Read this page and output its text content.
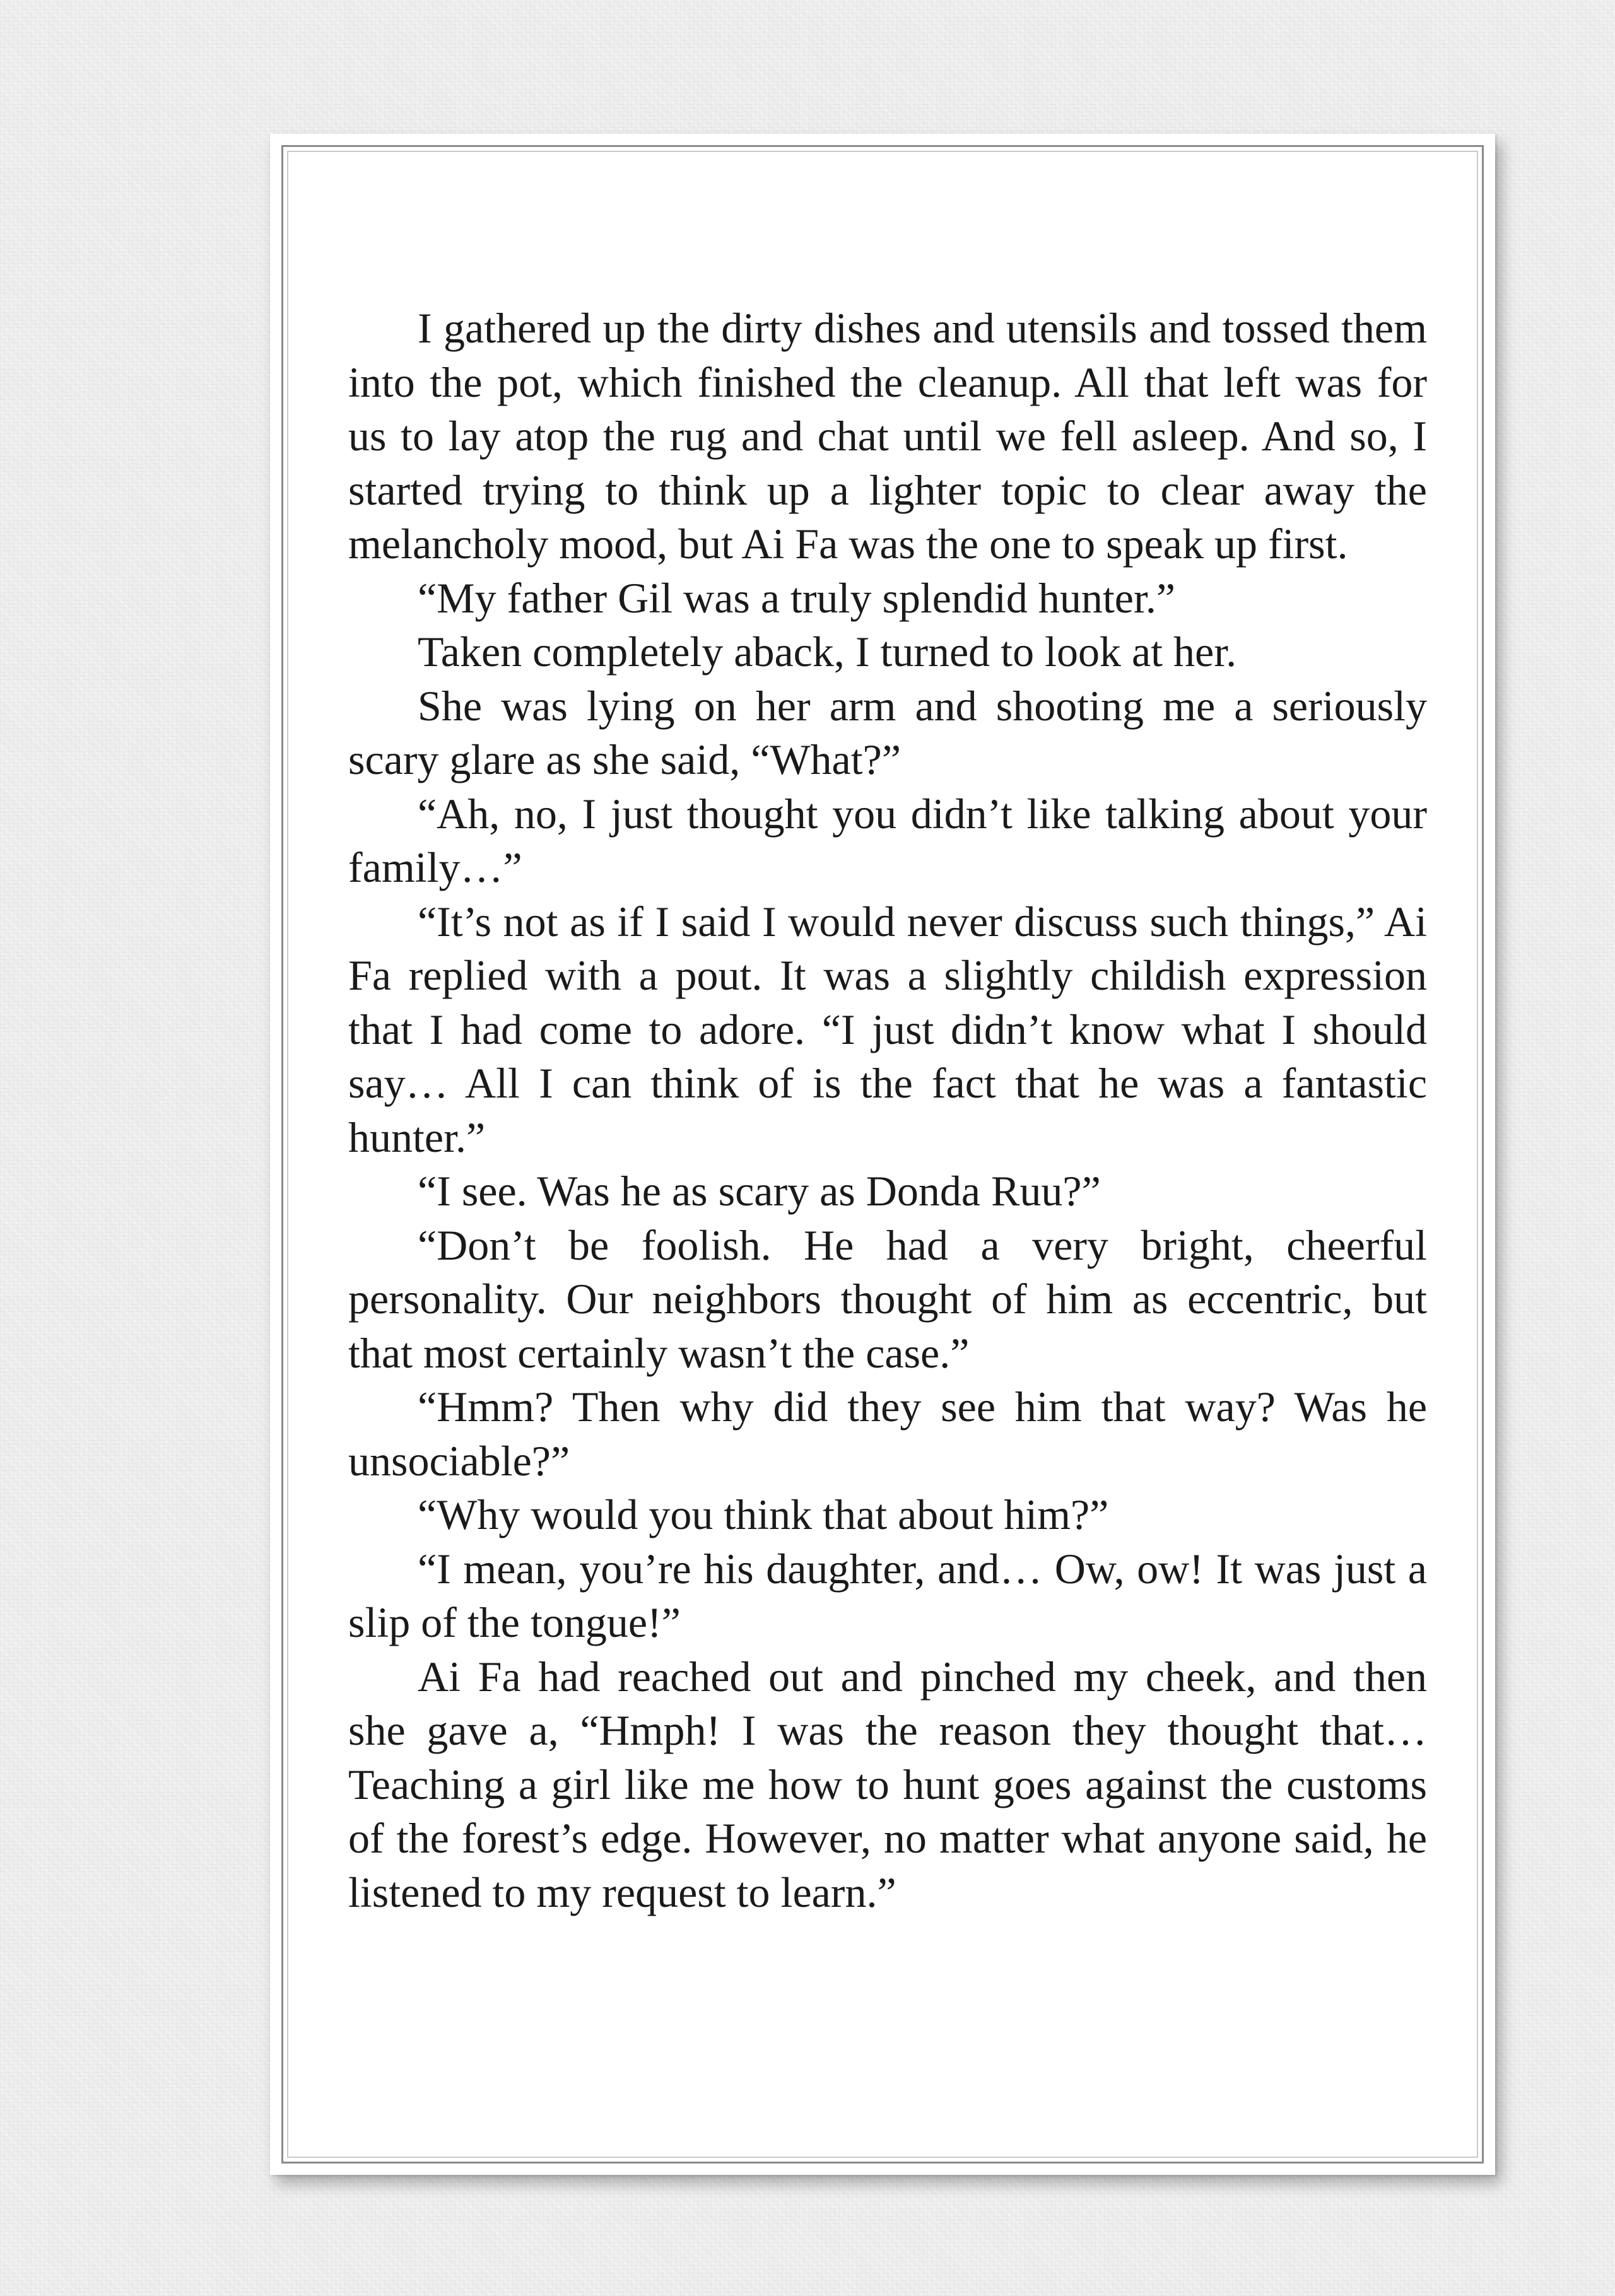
I gathered up the dirty dishes and utensils and tossed them into the pot, which finished the cleanup. All that left was for us to lay atop the rug and chat until we fell asleep. And so, I started trying to think up a lighter topic to clear away the melancholy mood, but Ai Fa was the one to speak up first.

“My father Gil was a truly splendid hunter.”

Taken completely aback, I turned to look at her.

She was lying on her arm and shooting me a seriously scary glare as she said, “What?”

“Ah, no, I just thought you didn’t like talking about your family…”

“It’s not as if I said I would never discuss such things,” Ai Fa replied with a pout. It was a slightly childish expression that I had come to adore. “I just didn’t know what I should say… All I can think of is the fact that he was a fantastic hunter.”

“I see. Was he as scary as Donda Ruu?”

“Don’t be foolish. He had a very bright, cheerful personality. Our neighbors thought of him as eccentric, but that most certainly wasn’t the case.”

“Hmm? Then why did they see him that way? Was he unsociable?”

“Why would you think that about him?”

“I mean, you’re his daughter, and… Ow, ow! It was just a slip of the tongue!”

Ai Fa had reached out and pinched my cheek, and then she gave a, “Hmph! I was the reason they thought that… Teaching a girl like me how to hunt goes against the customs of the forest’s edge. However, no matter what anyone said, he listened to my request to learn.”
